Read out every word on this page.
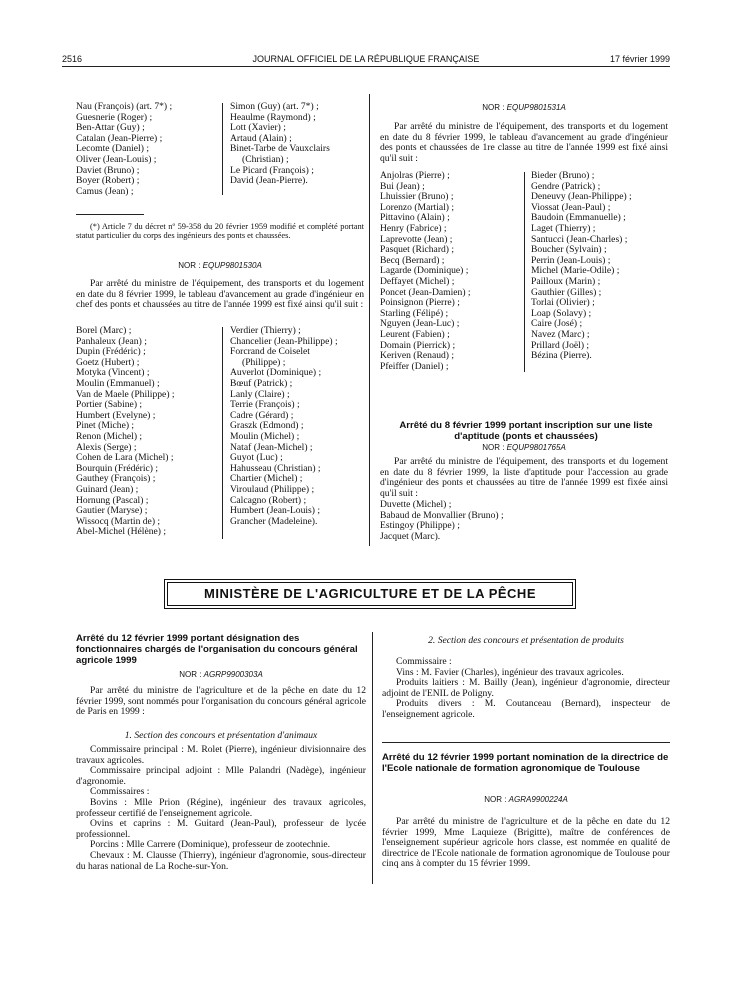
2516	JOURNAL OFFICIEL DE LA RÉPUBLIQUE FRANÇAISE	17 février 1999
Nau (François) (art. 7*) ;
Guesnerie (Roger) ;
Ben-Attar (Guy) ;
Catalan (Jean-Pierre) ;
Lecomte (Daniel) ;
Oliver (Jean-Louis) ;
Daviet (Bruno) ;
Boyer (Robert) ;
Camus (Jean) ;
Simon (Guy) (art. 7*) ;
Heaulme (Raymond) ;
Lott (Xavier) ;
Artaud (Alain) ;
Binet-Tarbe de Vauxclairs
(Christian) ;
Le Picard (François) ;
David (Jean-Pierre).

(*) Article 7 du décret nº 59-358 du 20 février 1959 modifié et complété portant statut particulier du corps des ingénieurs des ponts et chaussées.

NOR : EQUP9801530A

Par arrêté du ministre de l'équipement, des transports et du logement en date du 8 février 1999, le tableau d'avancement au grade d'ingénieur en chef des ponts et chaussées au titre de l'année 1999 est fixé ainsi qu'il suit :

Borel (Marc) ;
Panhaleux (Jean) ;
Dupin (Frédéric) ;
Goetz (Hubert) ;
Motyka (Vincent) ;
Moulin (Emmanuel) ;
Van de Maele (Philippe) ;
Portier (Sabine) ;
Humbert (Evelyne) ;
Pinet (Miche) ;
Renon (Michel) ;
Alexis (Serge) ;
Cohen de Lara (Michel) ;
Bourquin (Frédéric) ;
Gauthey (François) ;
Guinard (Jean) ;
Hornung (Pascal) ;
Gautier (Maryse) ;
Wissocq (Martin de) ;
Abel-Michel (Hélène) ;
Verdier (Thierry) ;
Chancelier (Jean-Philippe) ;
Forcrand de Coiselet
(Philippe) ;
Auverlot (Dominique) ;
Bœuf (Patrick) ;
Lanly (Claire) ;
Terrie (François) ;
Cadre (Gérard) ;
Graszk (Edmond) ;
Moulin (Michel) ;
Nataf (Jean-Michel) ;
Guyot (Luc) ;
Hahusseau (Christian) ;
Chartier (Michel) ;
Viroulaud (Philippe) ;
Calcagno (Robert) ;
Humbert (Jean-Louis) ;
Grancher (Madeleine).
NOR : EQUP9801531A

Par arrêté du ministre de l'équipement, des transports et du logement en date du 8 février 1999, le tableau d'avancement au grade d'ingénieur des ponts et chaussées de 1re classe au titre de l'année 1999 est fixé ainsi qu'il suit :

Anjolras (Pierre) ;
Bui (Jean) ;
Lhuissier (Bruno) ;
Lorenzo (Martial) ;
Pittavino (Alain) ;
Henry (Fabrice) ;
Laprevotte (Jean) ;
Pasquet (Richard) ;
Becq (Bernard) ;
Lagarde (Dominique) ;
Deffayet (Michel) ;
Poncet (Jean-Damien) ;
Poinsignon (Pierre) ;
Starling (Félipé) ;
Nguyen (Jean-Luc) ;
Leurent (Fabien) ;
Domain (Pierrick) ;
Keriven (Renaud) ;
Pfeiffer (Daniel) ;
Bieder (Bruno) ;
Gendre (Patrick) ;
Deneuvy (Jean-Philippe) ;
Viossat (Jean-Paul) ;
Baudoin (Emmanuelle) ;
Laget (Thierry) ;
Santucci (Jean-Charles) ;
Boucher (Sylvain) ;
Perrin (Jean-Louis) ;
Michel (Marie-Odile) ;
Pailloux (Marin) ;
Gauthier (Gilles) ;
Torlai (Olivier) ;
Loap (Solavy) ;
Caire (José) ;
Navez (Marc) ;
Prillard (Joël) ;
Bézina (Pierre).
Arrêté du 8 février 1999 portant inscription sur une liste d'aptitude (ponts et chaussées)
NOR : EQUP9801765A

Par arrêté du ministre de l'équipement, des transports et du logement en date du 8 février 1999, la liste d'aptitude pour l'accession au grade d'ingénieur des ponts et chaussées au titre de l'année 1999 est fixée ainsi qu'il suit :

Duvette (Michel) ;
Babaud de Monvallier (Bruno) ;
Estingoy (Philippe) ;
Jacquet (Marc).
MINISTÈRE DE L'AGRICULTURE ET DE LA PÊCHE
Arrêté du 12 février 1999 portant désignation des fonctionnaires chargés de l'organisation du concours général agricole 1999
NOR : AGRP9900303A

Par arrêté du ministre de l'agriculture et de la pêche en date du 12 février 1999, sont nommés pour l'organisation du concours général agricole de Paris en 1999 :

1. Section des concours et présentation d'animaux

Commissaire principal : M. Rolet (Pierre), ingénieur divisionnaire des travaux agricoles.

Commissaire principal adjoint : Mlle Palandri (Nadège), ingénieur d'agronomie.

Commissaires :

Bovins : Mlle Prion (Régine), ingénieur des travaux agricoles, professeur certifié de l'enseignement agricole.

Ovins et caprins : M. Guitard (Jean-Paul), professeur de lycée professionnel.

Porcins : Mlle Carrere (Dominique), professeur de zootechnie.

Chevaux : M. Clausse (Thierry), ingénieur d'agronomie, sous-directeur du haras national de La Roche-sur-Yon.

2. Section des concours et présentation de produits

Commissaire :

Vins : M. Favier (Charles), ingénieur des travaux agricoles.

Produits laitiers : M. Bailly (Jean), ingénieur d'agronomie, directeur adjoint de l'ENIL de Poligny.

Produits divers : M. Coutanceau (Bernard), inspecteur de l'enseignement agricole.

Arrêté du 12 février 1999 portant nomination de la directrice de l'Ecole nationale de formation agronomique de Toulouse
NOR : AGRA9900224A

Par arrêté du ministre de l'agriculture et de la pêche en date du 12 février 1999, Mme Laquieze (Brigitte), maître de conférences de l'enseignement supérieur agricole hors classe, est nommée en qualité de directrice de l'Ecole nationale de formation agronomique de Toulouse pour cinq ans à compter du 15 février 1999.
